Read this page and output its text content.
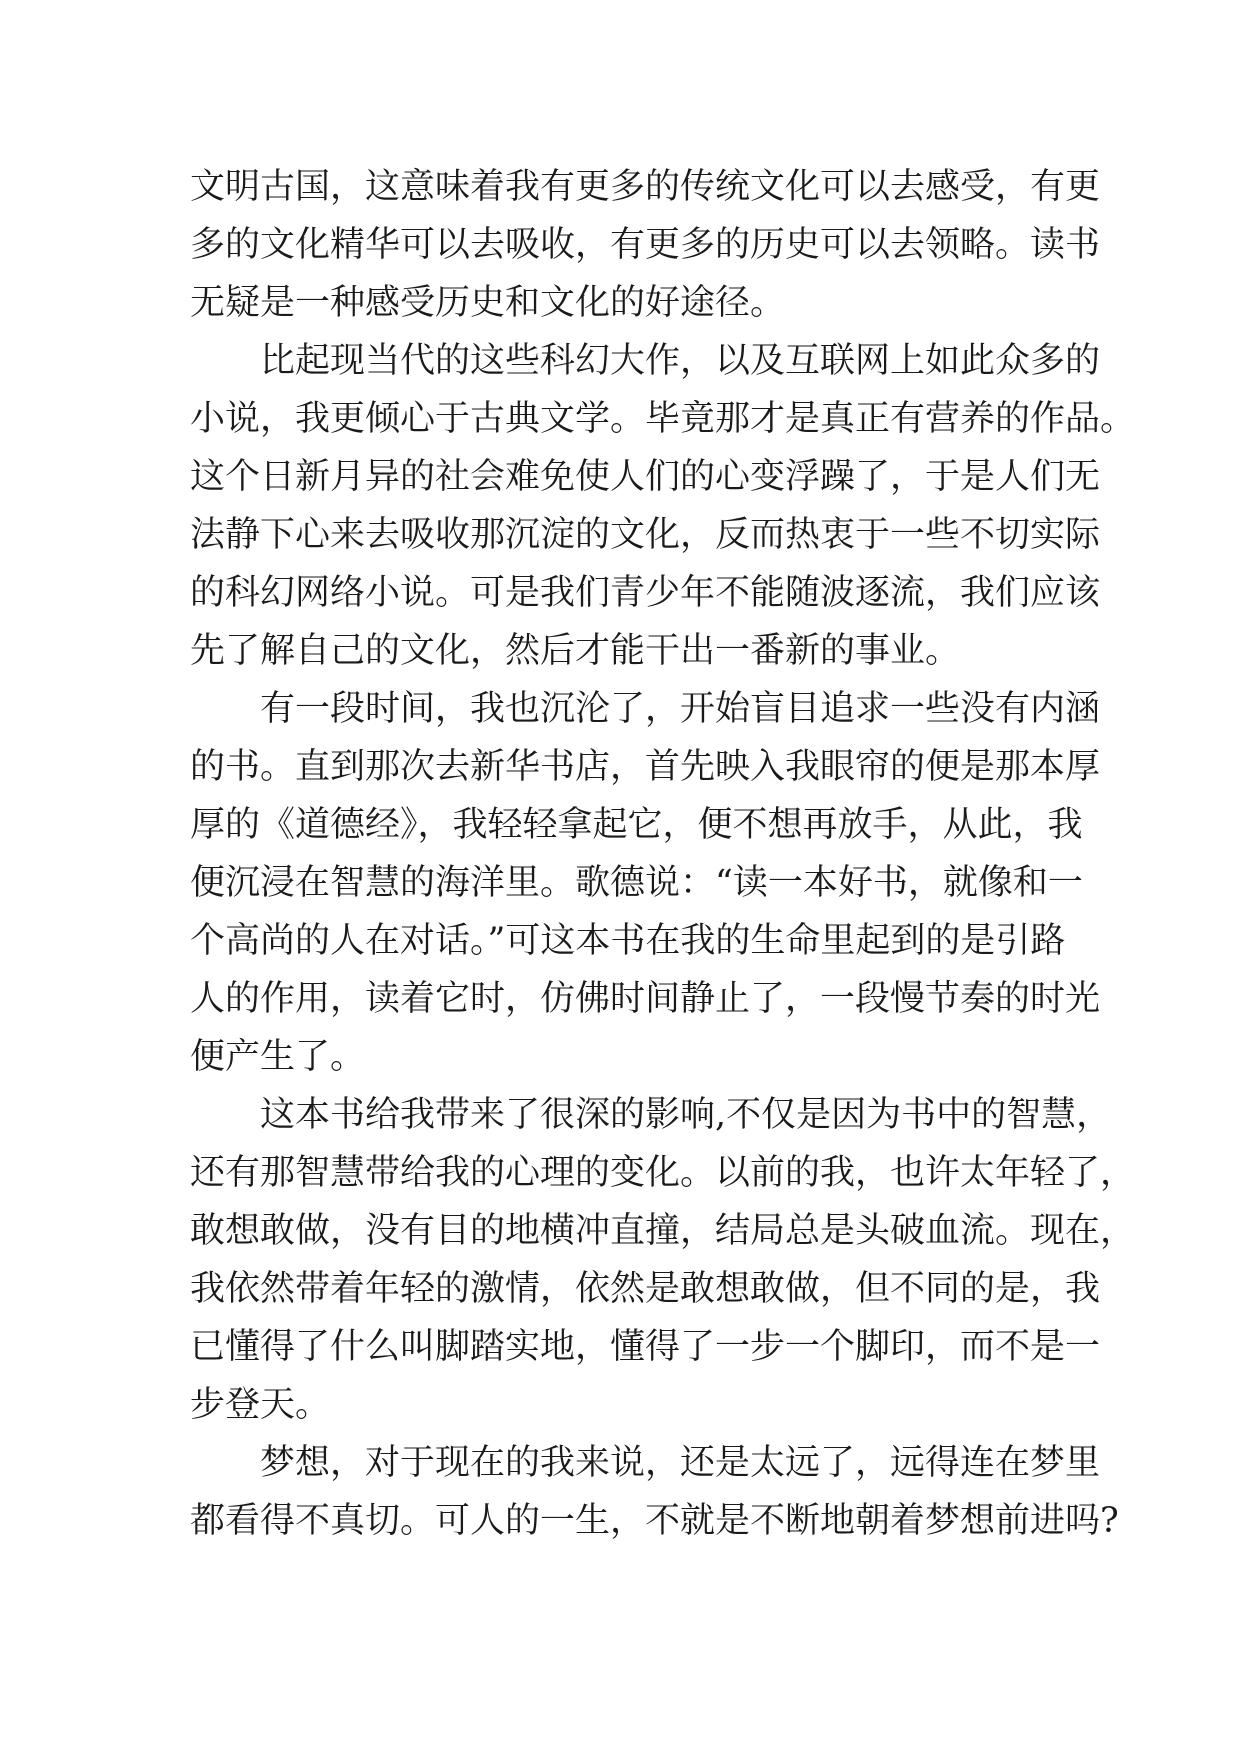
文明古国，这意味着我有更多的传统文化可以去感受，有更
多的文化精华可以去吸收，有更多的历史可以去领略。读书
无疑是一种感受历史和文化的好途径。
比起现当代的这些科幻大作，以及互联网上如此众多的
小说，我更倾心于古典文学。毕竟那才是真正有营养的作品。
这个日新月异的社会难免使人们的心变浮躁了，于是人们无
法静下心来去吸收那沉淀的文化，反而热衷于一些不切实际
的科幻网络小说。可是我们青少年不能随波逐流，我们应该
先了解自己的文化，然后才能干出一番新的事业。
有一段时间，我也沉沦了，开始盲目追求一些没有内涵
的书。直到那次去新华书店，首先映入我眼帘的便是那本厚
厚的《道德经》，我轻轻拿起它，便不想再放手，从此，我
便沉浸在智慧的海洋里。歌德说：“读一本好书，就像和一
个高尚的人在对话。”可这本书在我的生命里起到的是引路
人的作用，读着它时，仿佛时间静止了，一段慢节奏的时光
便产生了。
这本书给我带来了很深的影响,不仅是因为书中的智慧，
还有那智慧带给我的心理的变化。以前的我，也许太年轻了，
敢想敢做，没有目的地横冲直撞，结局总是头破血流。现在，
我依然带着年轻的激情，依然是敢想敢做，但不同的是，我
已懂得了什么叫脚踏实地，懂得了一步一个脚印，而不是一
步登天。
梦想，对于现在的我来说，还是太远了，远得连在梦里
都看得不真切。可人的一生，不就是不断地朝着梦想前进吗?
